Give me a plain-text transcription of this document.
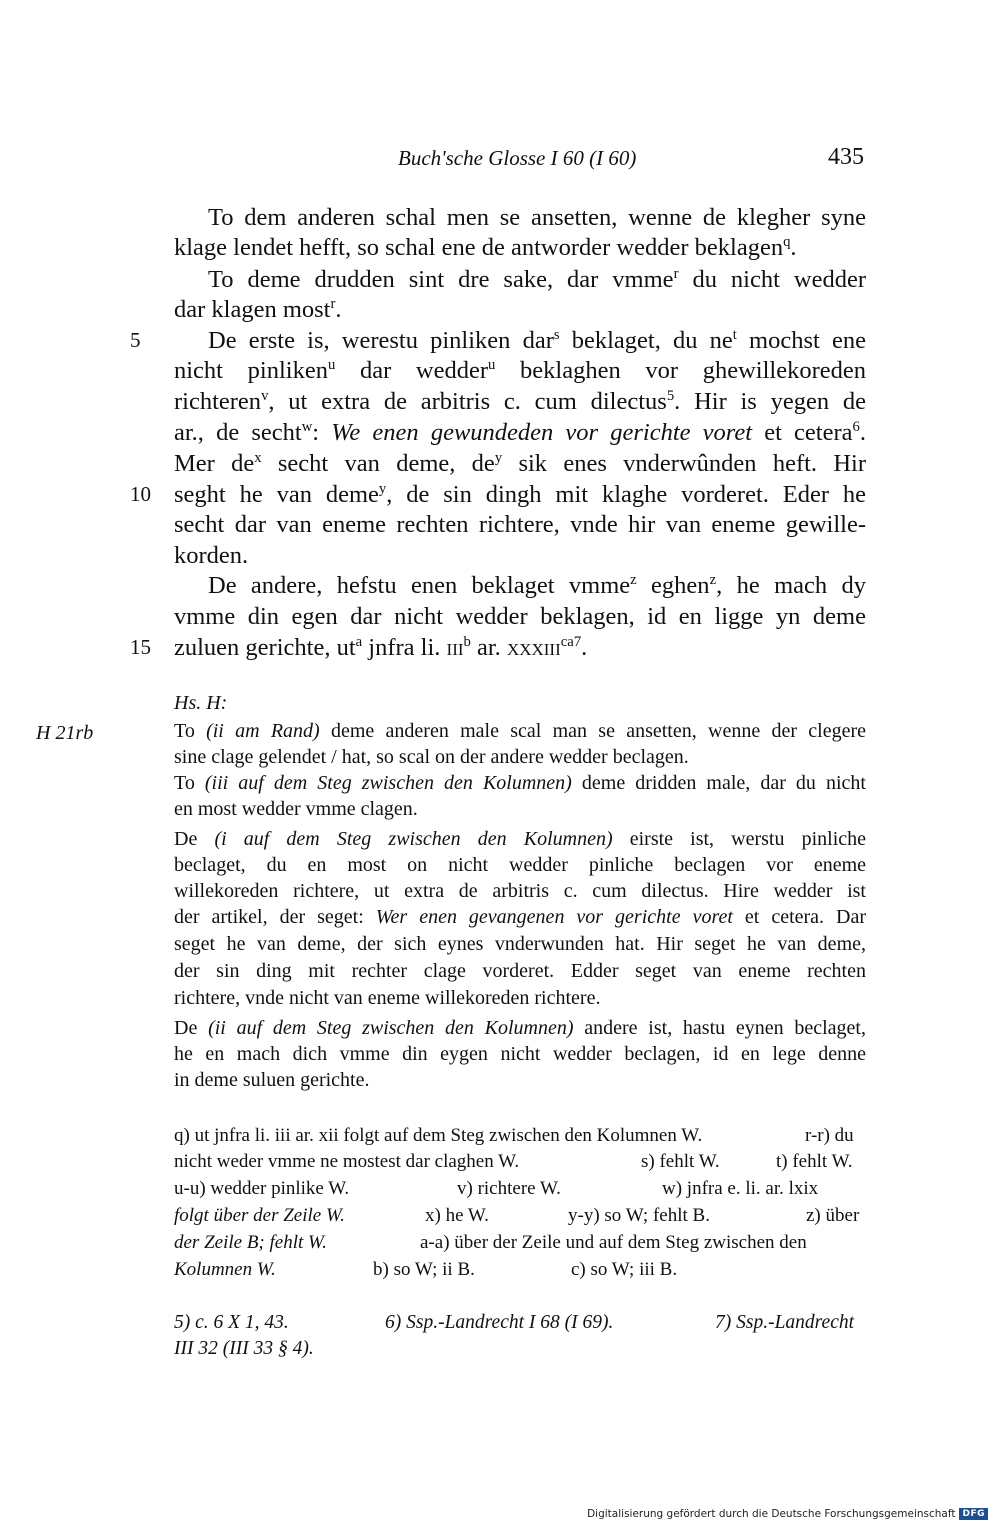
Buch'sche Glosse I 60 (I 60)	435
To dem anderen schal men se ansetten, wenne de klegher syne
klage lendet hefft, so schal ene de antworder wedder beklagen$^q$.
To deme drudden sint dre sake, dar vmme$^r$ du nicht wedder
dar klagen most$^r$.
5	De erste is, werestu pinliken dar$^s$ beklaget, du $ne^t$ mochst ene
nicht pinliken$^u$ dar wedder$^u$ beklaghen vor ghewillekoreden
richteren$^v$, ut extra de arbitris c. cum dilectus$^5$. Hir is yegen de
ar., de secht$^w$: We enen gewundeden vor gerichte voret et cetera$^6$.
Mer $de^x$ secht van deme, $de^y$ sik enes vnderwûnden heft. Hir
10 seght he van deme$^y$, de sin dingh mit klaghe vorderet. Eder he
secht dar van eneme rechten richtere, vnde hir van eneme gewille-
korden.
De andere, hefstu enen beklaget vmme$^z$ eghen$^z$, he mach dy
vmme din egen dar nicht wedder beklagen, id en ligge yn deme
15 zuluen gerichte, $ut^a$ jnfra li. iii$^b$ ar. xxxiii$^{ca7}$.
Hs. H:
H 21rb	To (ii am Rand) deme anderen male scal man se ansetten, wenne der clegere
sine clage gelendet / hat, so scal on der andere wedder beclagen.
To (iii auf dem Steg zwischen den Kolumnen) deme dridden male, dar du nicht
en most wedder vmme clagen.
De (i auf dem Steg zwischen den Kolumnen) eirste ist, werstu pinliche
beclaget, du en most on nicht wedder pinliche beclagen vor eneme
willekoreden richtere, ut extra de arbitris c. cum dilectus. Hire wedder ist
der artikel, der seget: Wer enen gevangenen vor gerichte voret et cetera. Dar
seget he van deme, der sich eynes vnderwunden hat. Hir seget he van deme,
der sin ding mit rechter clage vorderet. Edder seget van eneme rechten
richtere, vnde nicht van eneme willekoreden richtere.
De (ii auf dem Steg zwischen den Kolumnen) andere ist, hastu eynen beclaget,
he en mach dich vmme din eygen nicht wedder beclagen, id en lege denne
in deme suluen gerichte.
q) ut jnfra li. iii ar. xii folgt auf dem Steg zwischen den Kolumnen W.	r-r) du
nicht weder vmme ne mostest dar claghen W.	s) fehlt W.	t) fehlt W.
u-u) wedder pinlike W.	v) richtere W.	w) jnfra e. li. ar. lxix
folgt über der Zeile W.	x) he W.	y-y) so W; fehlt B.	z) über
der Zeile B; fehlt W.	a-a) über der Zeile und auf dem Steg zwischen den
Kolumnen W.	b) so W; ii B.	c) so W; iii B.
5) c. 6 X 1, 43.	6) Ssp.-Landrecht I 68 (I 69).	7) Ssp.-Landrecht
III 32 (III 33 § 4).
Digitalisierung gefördert durch die Deutsche Forschungsgemeinschaft DFG
